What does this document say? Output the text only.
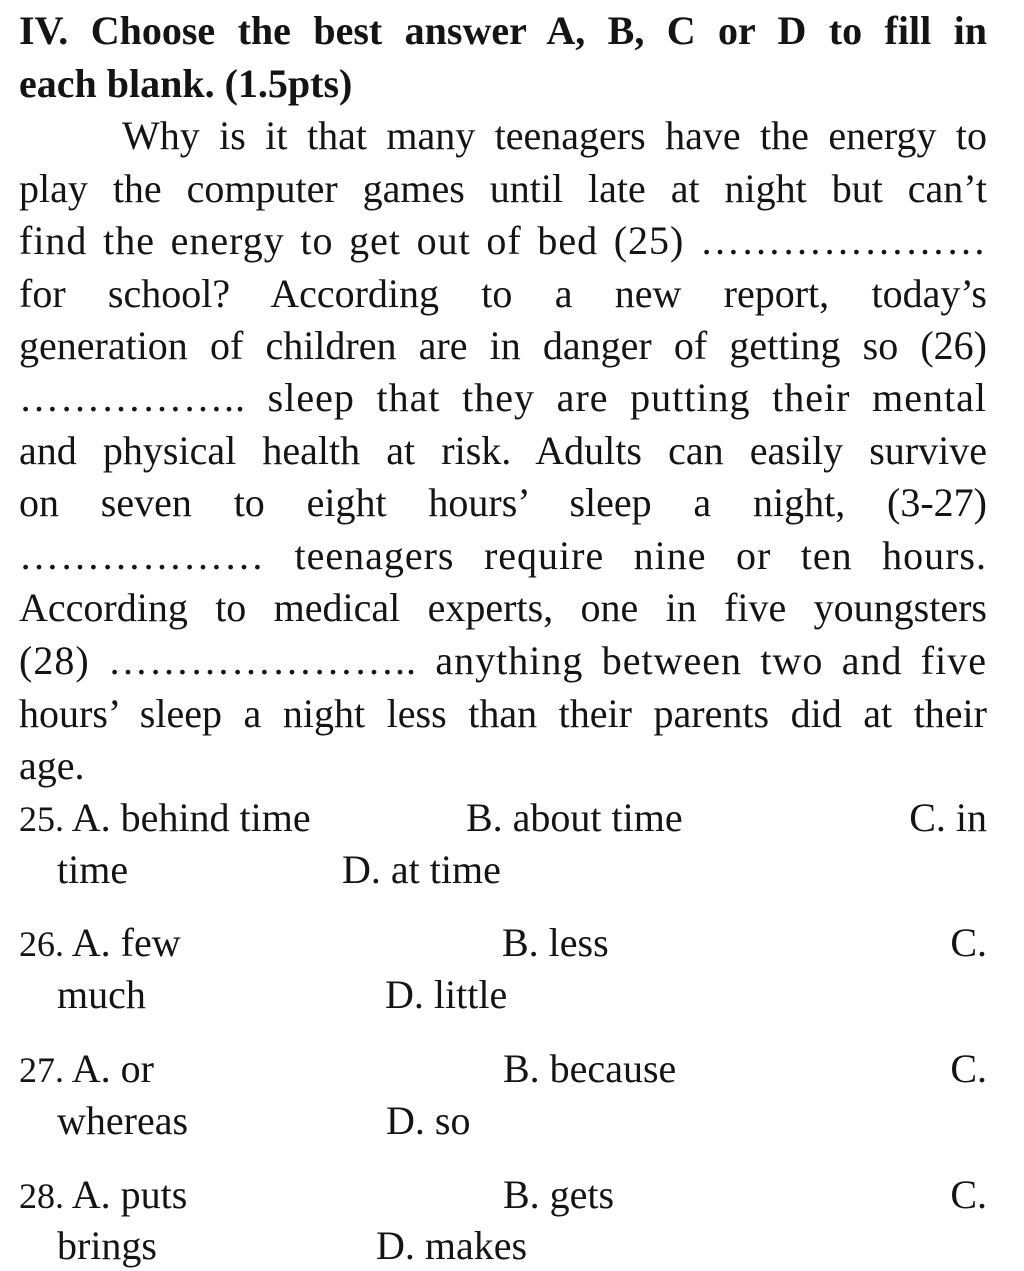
IV. Choose the best answer A, B, C or D to fill in
each blank. (1.5pts)
Why is it that many teenagers have the energy to
play the computer games until late at night but can’t
find the energy to get out of bed (25) …………………
for school? According to a new report, today’s
generation of children are in danger of getting so (26)
…………….. sleep that they are putting their mental
and physical health at risk. Adults can easily survive
on seven to eight hours’ sleep a night, (3-27)
……………… teenagers require nine or ten hours.
According to medical experts, one in five youngsters
(28) ………………….. anything between two and five
hours’ sleep a night less than their parents did at their
age.
25. A. behind time	B. about time	C. in
time	D. at time
26. A. few	B. less	C.
much	D. little
27. A. or	B. because	C.
whereas	D. so
28. A. puts	B. gets	C.
brings	D. makes
